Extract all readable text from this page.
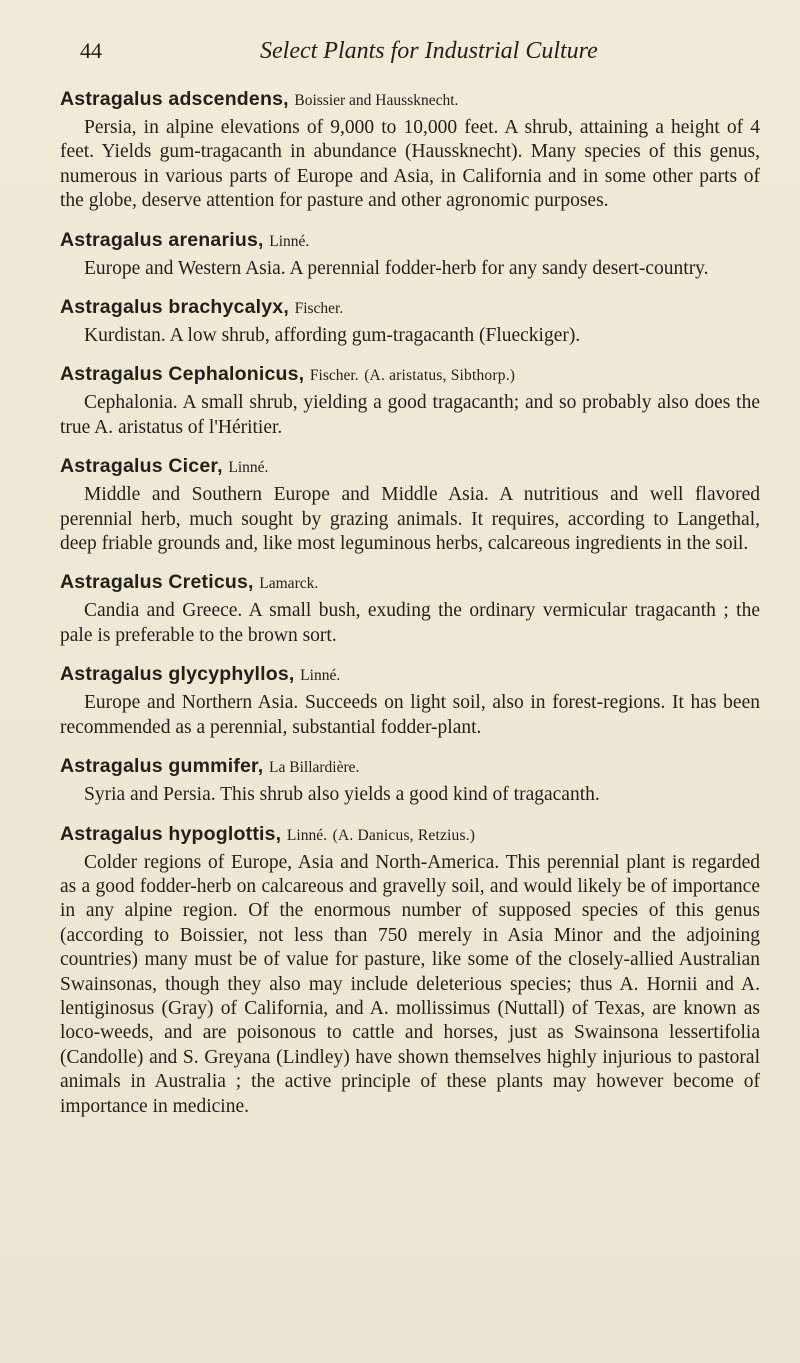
44	Select Plants for Industrial Culture
Astragalus adscendens, Boissier and Haussknecht.
Persia, in alpine elevations of 9,000 to 10,000 feet. A shrub, attaining a height of 4 feet. Yields gum-tragacanth in abundance (Haussknecht). Many species of this genus, numerous in various parts of Europe and Asia, in California and in some other parts of the globe, deserve attention for pasture and other agronomic purposes.
Astragalus arenarius, Linné.
Europe and Western Asia. A perennial fodder-herb for any sandy desert-country.
Astragalus brachycalyx, Fischer.
Kurdistan. A low shrub, affording gum-tragacanth (Flueckiger).
Astragalus Cephalonicus, Fischer. (A. aristatus, Sibthorp.)
Cephalonia. A small shrub, yielding a good tragacanth; and so probably also does the true A. aristatus of l'Héritier.
Astragalus Cicer, Linné.
Middle and Southern Europe and Middle Asia. A nutritious and well flavored perennial herb, much sought by grazing animals. It requires, according to Langethal, deep friable grounds and, like most leguminous herbs, calcareous ingredients in the soil.
Astragalus Creticus, Lamarck.
Candia and Greece. A small bush, exuding the ordinary vermicular tragacanth ; the pale is preferable to the brown sort.
Astragalus glycyphyllos, Linné.
Europe and Northern Asia. Succeeds on light soil, also in forest-regions. It has been recommended as a perennial, substantial fodder-plant.
Astragalus gummifer, La Billardière.
Syria and Persia. This shrub also yields a good kind of tragacanth.
Astragalus hypoglottis, Linné. (A. Danicus, Retzius.)
Colder regions of Europe, Asia and North-America. This perennial plant is regarded as a good fodder-herb on calcareous and gravelly soil, and would likely be of importance in any alpine region. Of the enormous number of supposed species of this genus (according to Boissier, not less than 750 merely in Asia Minor and the adjoining countries) many must be of value for pasture, like some of the closely-allied Australian Swainsonas, though they also may include deleterious species; thus A. Hornii and A. lentiginosus (Gray) of California, and A. mollissimus (Nuttall) of Texas, are known as loco-weeds, and are poisonous to cattle and horses, just as Swainsona lessertifolia (Candolle) and S. Greyana (Lindley) have shown themselves highly injurious to pastoral animals in Australia ; the active principle of these plants may however become of importance in medicine.
